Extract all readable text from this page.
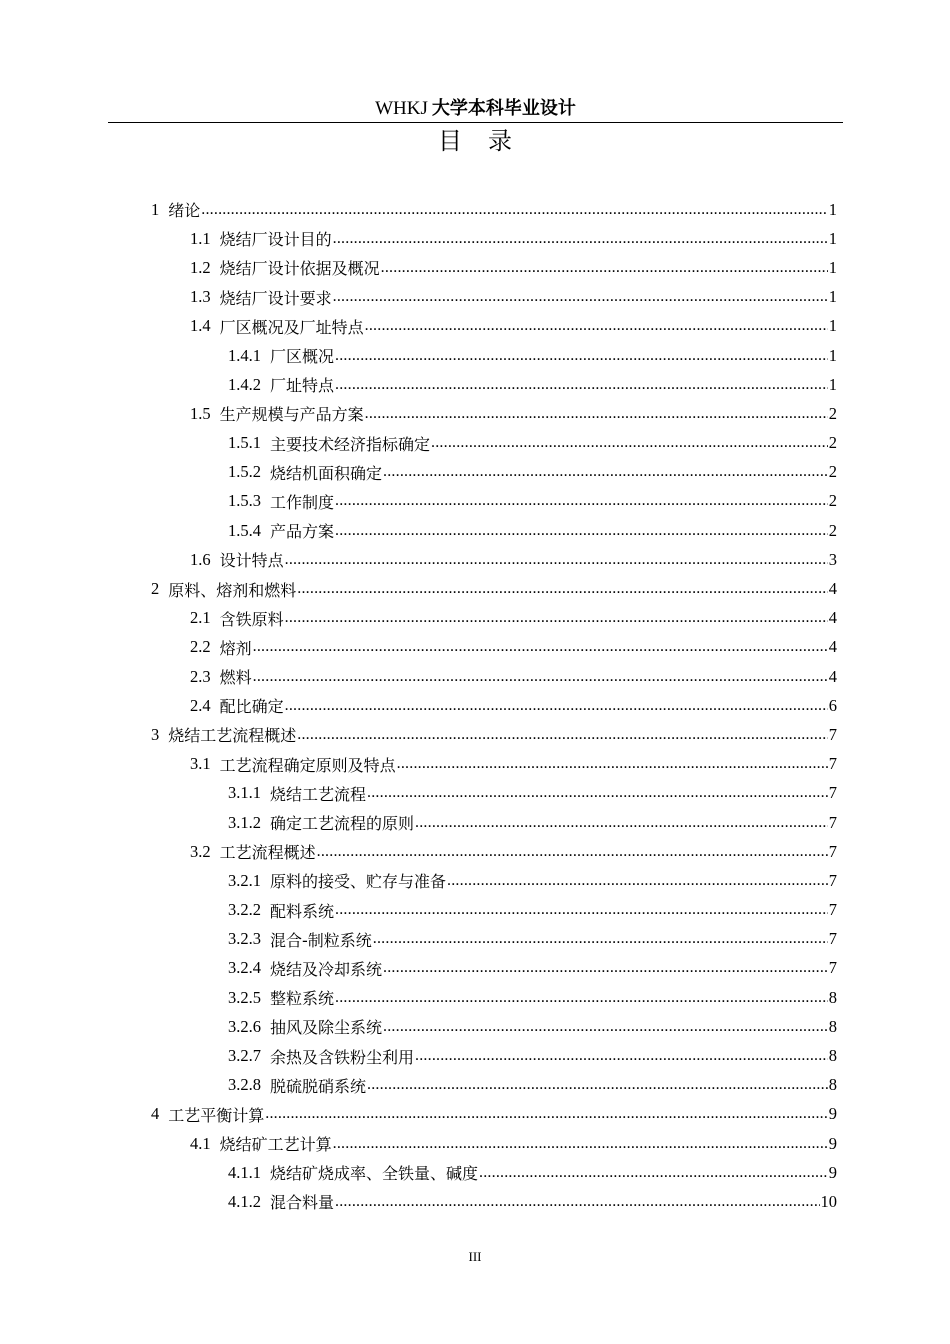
WHKJ 大学本科毕业设计
目录
1 绪论 .....	1
1.1 烧结厂设计目的 .....	1
1.2 烧结厂设计依据及概况 .....	1
1.3 烧结厂设计要求 .....	1
1.4 厂区概况及厂址特点 .....	1
1.4.1 厂区概况 .....	1
1.4.2 厂址特点 .....	1
1.5 生产规模与产品方案 .....	2
1.5.1 主要技术经济指标确定 .....	2
1.5.2 烧结机面积确定 .....	2
1.5.3 工作制度 .....	2
1.5.4 产品方案 .....	2
1.6 设计特点 .....	3
2 原料、熔剂和燃料 .....	4
2.1 含铁原料 .....	4
2.2 熔剂 .....	4
2.3 燃料 .....	4
2.4 配比确定 .....	6
3 烧结工艺流程概述 .....	7
3.1 工艺流程确定原则及特点 .....	7
3.1.1 烧结工艺流程 .....	7
3.1.2 确定工艺流程的原则 .....	7
3.2 工艺流程概述 .....	7
3.2.1 原料的接受、贮存与准备 .....	7
3.2.2 配料系统 .....	7
3.2.3 混合-制粒系统 .....	7
3.2.4 烧结及冷却系统 .....	7
3.2.5 整粒系统 .....	8
3.2.6 抽风及除尘系统 .....	8
3.2.7 余热及含铁粉尘利用 .....	8
3.2.8 脱硫脱硝系统 .....	8
4 工艺平衡计算 .....	9
4.1 烧结矿工艺计算 .....	9
4.1.1 烧结矿烧成率、全铁量、碱度 .....	9
4.1.2 混合料量 .....	10
III
